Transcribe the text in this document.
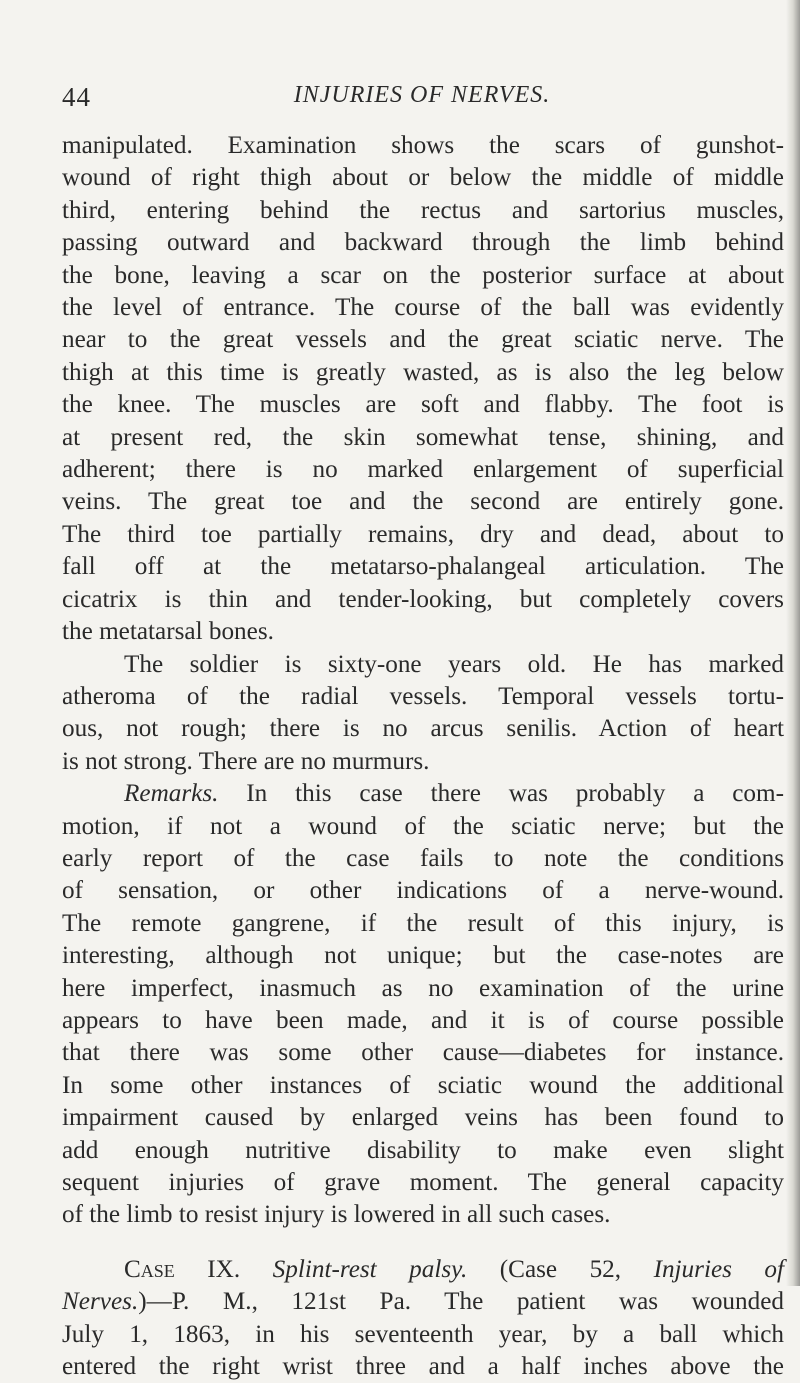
44	INJURIES OF NERVES.
manipulated. Examination shows the scars of gunshot-
wound of right thigh about or below the middle of middle
third, entering behind the rectus and sartorius muscles,
passing outward and backward through the limb behind
the bone, leaving a scar on the posterior surface at about
the level of entrance. The course of the ball was evidently
near to the great vessels and the great sciatic nerve. The
thigh at this time is greatly wasted, as is also the leg below
the knee. The muscles are soft and flabby. The foot is
at present red, the skin somewhat tense, shining, and
adherent; there is no marked enlargement of superficial
veins. The great toe and the second are entirely gone.
The third toe partially remains, dry and dead, about to
fall off at the metatarso-phalangeal articulation. The
cicatrix is thin and tender-looking, but completely covers
the metatarsal bones.
The soldier is sixty-one years old. He has marked
atheroma of the radial vessels. Temporal vessels tortu-
ous, not rough; there is no arcus senilis. Action of heart
is not strong. There are no murmurs.
Remarks. In this case there was probably a com-
motion, if not a wound of the sciatic nerve; but the
early report of the case fails to note the conditions
of sensation, or other indications of a nerve-wound.
The remote gangrene, if the result of this injury, is
interesting, although not unique; but the case-notes are
here imperfect, inasmuch as no examination of the urine
appears to have been made, and it is of course possible
that there was some other cause—diabetes for instance.
In some other instances of sciatic wound the additional
impairment caused by enlarged veins has been found to
add enough nutritive disability to make even slight
sequent injuries of grave moment. The general capacity
of the limb to resist injury is lowered in all such cases.
Case IX. Splint-rest palsy. (Case 52, Injuries of
Nerves.)—P. M., 121st Pa. The patient was wounded
July 1, 1863, in his seventeenth year, by a ball which
entered the right wrist three and a half inches above the
